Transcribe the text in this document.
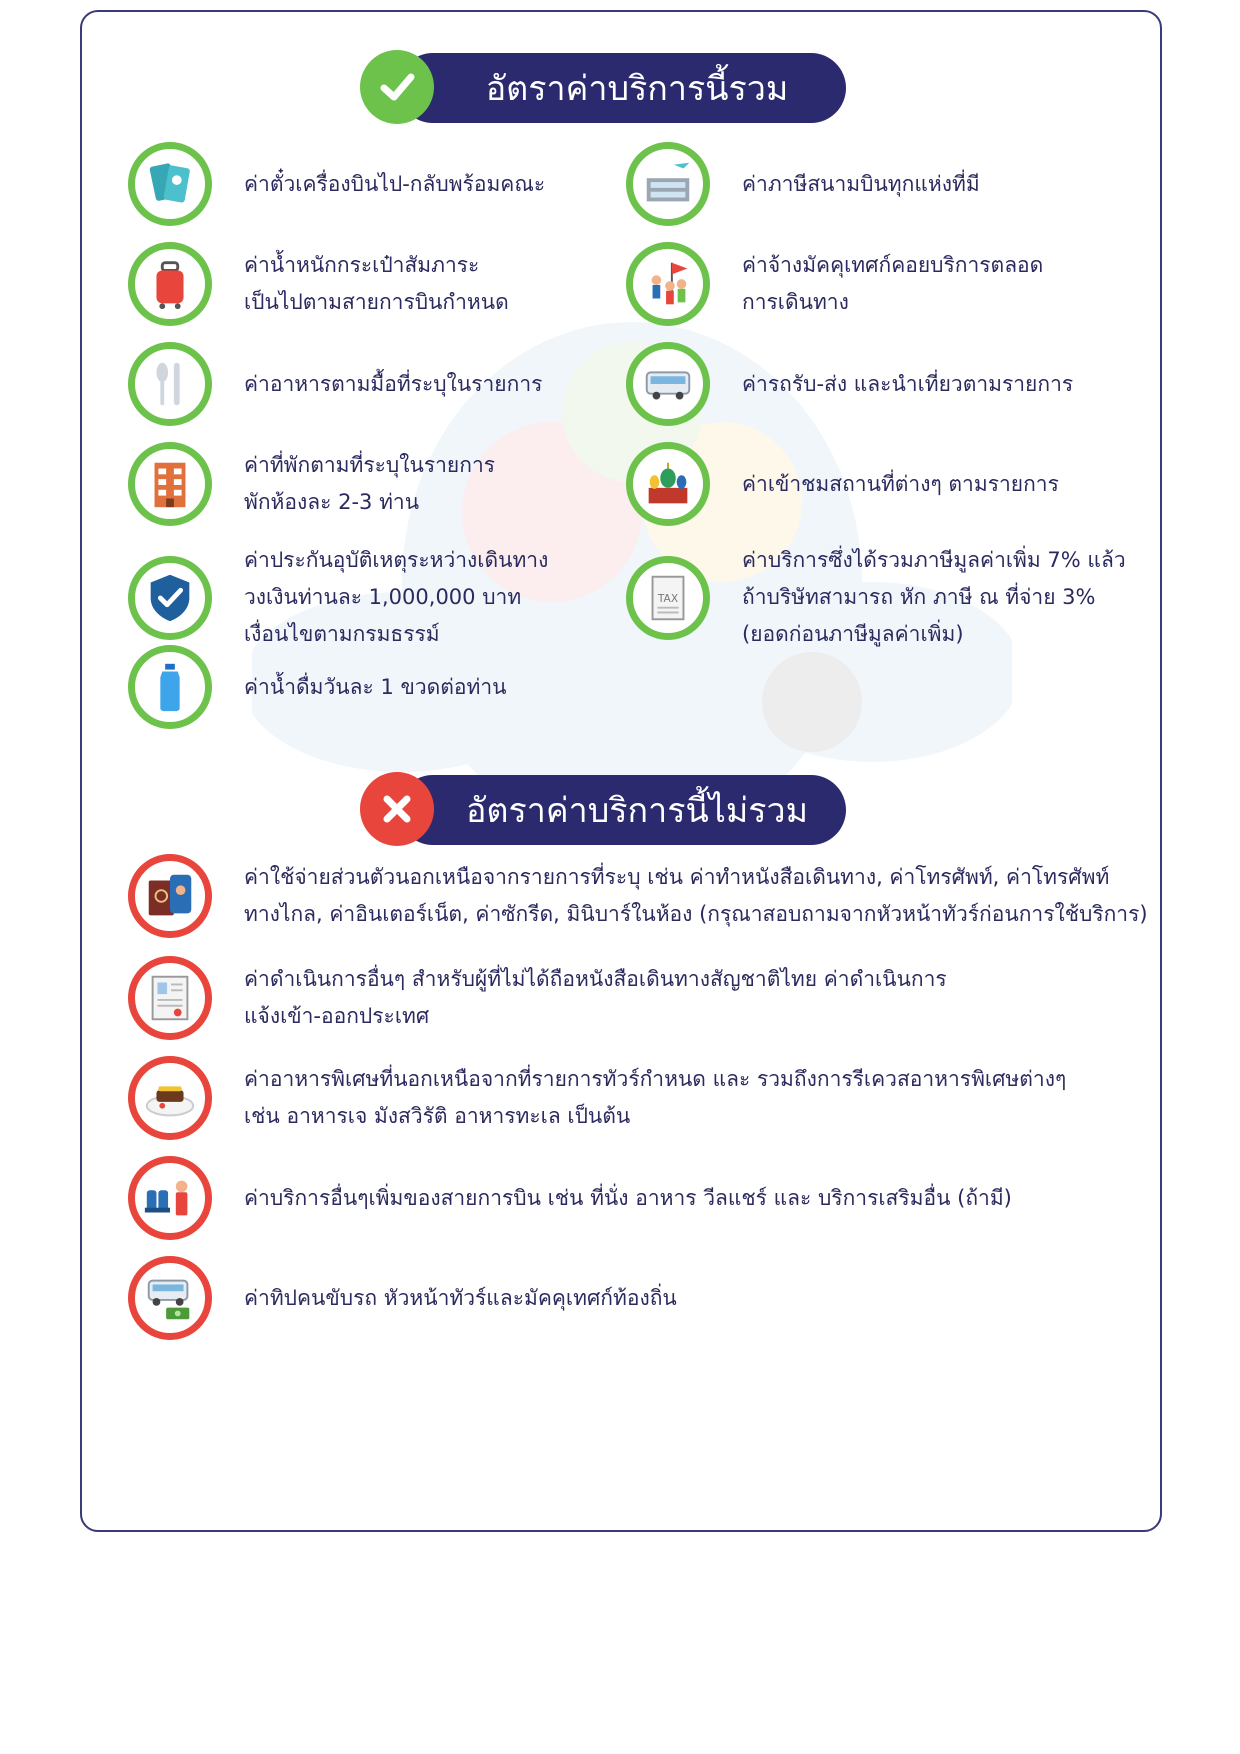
อัตราค่าบริการนี้รวม
ค่าตั๋วเครื่องบินไป-กลับพร้อมคณะ
ค่าน้ำหนักกระเป๋าสัมภาระ
เป็นไปตามสายการบินกำหนด
ค่าอาหารตามมื้อที่ระบุในรายการ
ค่าที่พักตามที่ระบุในรายการ
พักห้องละ 2-3 ท่าน
ค่าประกันอุบัติเหตุระหว่างเดินทาง
วงเงินท่านละ 1,000,000 บาท
เงื่อนไขตามกรมธรรม์
ค่าน้ำดื่มวันละ 1 ขวดต่อท่าน
ค่าภาษีสนามบินทุกแห่งที่มี
ค่าจ้างมัคคุเทศก์คอยบริการตลอด
การเดินทาง
ค่ารถรับ-ส่ง และนำเที่ยวตามรายการ
ค่าเข้าชมสถานที่ต่างๆ ตามรายการ
TAX
ค่าบริการซึ่งได้รวมภาษีมูลค่าเพิ่ม 7% แล้ว
ถ้าบริษัทสามารถ หัก ภาษี ณ ที่จ่าย 3%
(ยอดก่อนภาษีมูลค่าเพิ่ม)
อัตราค่าบริการนี้ไม่รวม
ค่าใช้จ่ายส่วนตัวนอกเหนือจากรายการที่ระบุ เช่น ค่าทำหนังสือเดินทาง, ค่าโทรศัพท์, ค่าโทรศัพท์
ทางไกล, ค่าอินเตอร์เน็ต, ค่าซักรีด, มินิบาร์ในห้อง (กรุณาสอบถามจากหัวหน้าทัวร์ก่อนการใช้บริการ)
ค่าดำเนินการอื่นๆ สำหรับผู้ที่ไม่ได้ถือหนังสือเดินทางสัญชาติไทย ค่าดำเนินการ
แจ้งเข้า-ออกประเทศ
ค่าอาหารพิเศษที่นอกเหนือจากที่รายการทัวร์กำหนด และ รวมถึงการรีเควสอาหารพิเศษต่างๆ
เช่น อาหารเจ มังสวิรัติ อาหารทะเล เป็นต้น
ค่าบริการอื่นๆเพิ่มของสายการบิน เช่น ที่นั่ง อาหาร วีลแชร์ และ บริการเสริมอื่น (ถ้ามี)
ค่าทิปคนขับรถ หัวหน้าทัวร์และมัคคุเทศก์ท้องถิ่น
